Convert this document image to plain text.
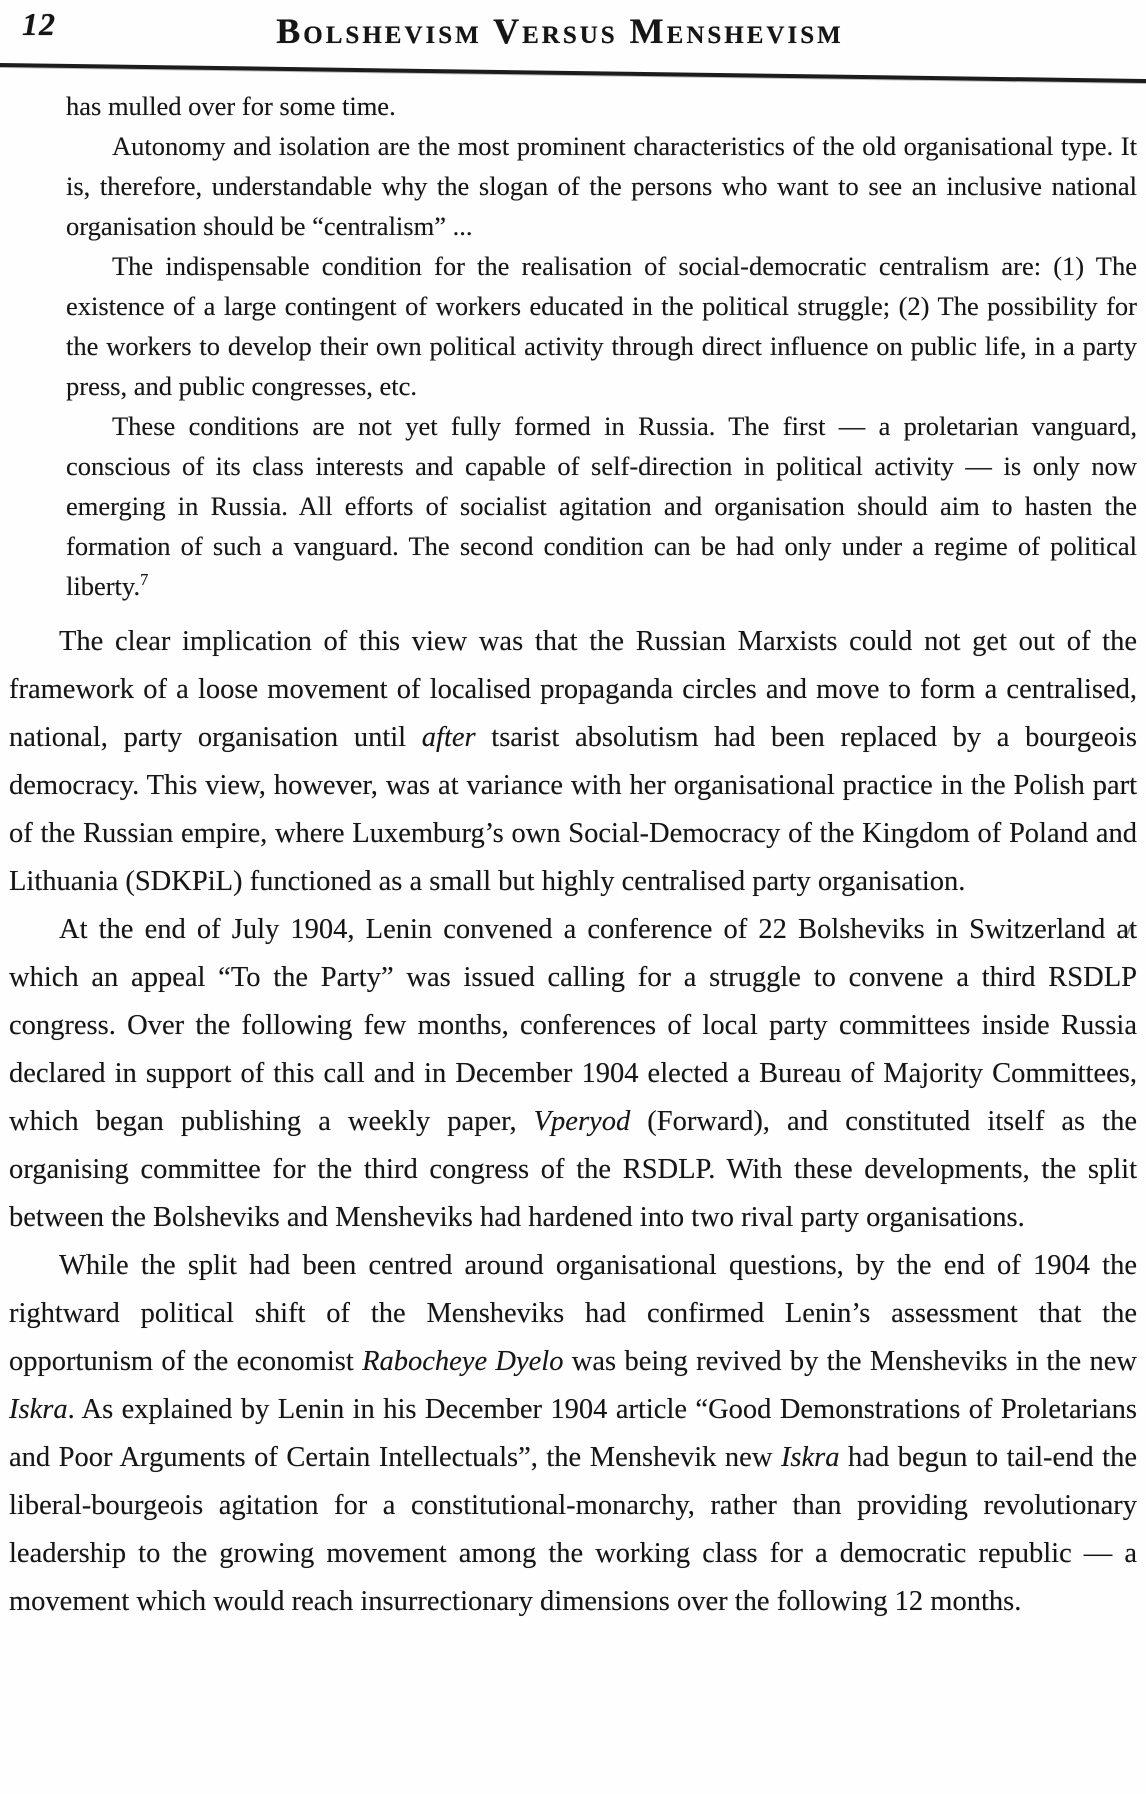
12	Bolshevism Versus Menshevism

has mulled over for some time.

Autonomy and isolation are the most prominent characteristics of the old organisational type. It is, therefore, understandable why the slogan of the persons who want to see an inclusive national organisation should be “centralism” ...

The indispensable condition for the realisation of social-democratic centralism are: (1) The existence of a large contingent of workers educated in the political struggle; (2) The possibility for the workers to develop their own political activity through direct influence on public life, in a party press, and public congresses, etc.

These conditions are not yet fully formed in Russia. The first — a proletarian vanguard, conscious of its class interests and capable of self-direction in political activity — is only now emerging in Russia. All efforts of socialist agitation and organisation should aim to hasten the formation of such a vanguard. The second condition can be had only under a regime of political liberty.$^7$

The clear implication of this view was that the Russian Marxists could not get out of the framework of a loose movement of localised propaganda circles and move to form a centralised, national, party organisation until after tsarist absolutism had been replaced by a bourgeois democracy. This view, however, was at variance with her organisational practice in the Polish part of the Russian empire, where Luxemburg’s own Social-Democracy of the Kingdom of Poland and Lithuania (SDKPiL) functioned as a small but highly centralised party organisation.

At the end of July 1904, Lenin convened a conference of 22 Bolsheviks in Switzerland at which an appeal “To the Party” was issued calling for a struggle to convene a third RSDLP congress. Over the following few months, conferences of local party committees inside Russia declared in support of this call and in December 1904 elected a Bureau of Majority Committees, which began publishing a weekly paper, Vperyod (Forward), and constituted itself as the organising committee for the third congress of the RSDLP. With these developments, the split between the Bolsheviks and Mensheviks had hardened into two rival party organisations.

While the split had been centred around organisational questions, by the end of 1904 the rightward political shift of the Mensheviks had confirmed Lenin’s assessment that the opportunism of the economist Rabocheye Dyelo was being revived by the Mensheviks in the new Iskra. As explained by Lenin in his December 1904 article “Good Demonstrations of Proletarians and Poor Arguments of Certain Intellectuals”, the Menshevik new Iskra had begun to tail-end the liberal-bourgeois agitation for a constitutional-monarchy, rather than providing revolutionary leadership to the growing movement among the working class for a democratic republic — a movement which would reach insurrectionary dimensions over the following 12 months.
